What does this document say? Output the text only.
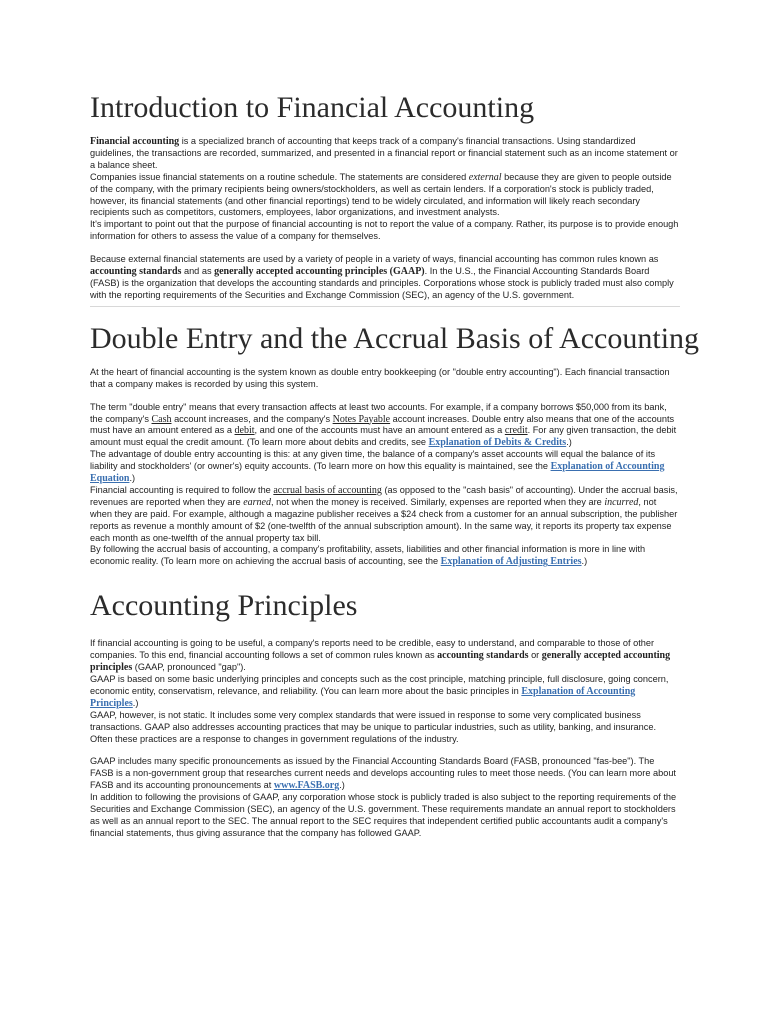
Introduction to Financial Accounting

Financial accounting is a specialized branch of accounting that keeps track of a company's financial transactions. Using standardized guidelines, the transactions are recorded, summarized, and presented in a financial report or financial statement such as an income statement or a balance sheet.

Companies issue financial statements on a routine schedule. The statements are considered external because they are given to people outside of the company, with the primary recipients being owners/stockholders, as well as certain lenders. If a corporation's stock is publicly traded, however, its financial statements (and other financial reportings) tend to be widely circulated, and information will likely reach secondary recipients such as competitors, customers, employees, labor organizations, and investment analysts.

It's important to point out that the purpose of financial accounting is not to report the value of a company. Rather, its purpose is to provide enough information for others to assess the value of a company for themselves.

Because external financial statements are used by a variety of people in a variety of ways, financial accounting has common rules known as accounting standards and as generally accepted accounting principles (GAAP). In the U.S., the Financial Accounting Standards Board (FASB) is the organization that develops the accounting standards and principles. Corporations whose stock is publicly traded must also comply with the reporting requirements of the Securities and Exchange Commission (SEC), an agency of the U.S. government.

Double Entry and the Accrual Basis of Accounting

At the heart of financial accounting is the system known as double entry bookkeeping (or "double entry accounting"). Each financial transaction that a company makes is recorded by using this system.

The term "double entry" means that every transaction affects at least two accounts. For example, if a company borrows $50,000 from its bank, the company's Cash account increases, and the company's Notes Payable account increases. Double entry also means that one of the accounts must have an amount entered as a debit, and one of the accounts must have an amount entered as a credit. For any given transaction, the debit amount must equal the credit amount. (To learn more about debits and credits, see Explanation of Debits & Credits.)

The advantage of double entry accounting is this: at any given time, the balance of a company's asset accounts will equal the balance of its liability and stockholders' (or owner's) equity accounts. (To learn more on how this equality is maintained, see the Explanation of Accounting Equation.)

Financial accounting is required to follow the accrual basis of accounting (as opposed to the "cash basis" of accounting). Under the accrual basis, revenues are reported when they are earned, not when the money is received. Similarly, expenses are reported when they are incurred, not when they are paid. For example, although a magazine publisher receives a $24 check from a customer for an annual subscription, the publisher reports as revenue a monthly amount of $2 (one-twelfth of the annual subscription amount). In the same way, it reports its property tax expense each month as one-twelfth of the annual property tax bill.

By following the accrual basis of accounting, a company's profitability, assets, liabilities and other financial information is more in line with economic reality. (To learn more on achieving the accrual basis of accounting, see the Explanation of Adjusting Entries.)

Accounting Principles

If financial accounting is going to be useful, a company's reports need to be credible, easy to understand, and comparable to those of other companies. To this end, financial accounting follows a set of common rules known as accounting standards or generally accepted accounting principles (GAAP, pronounced "gap").

GAAP is based on some basic underlying principles and concepts such as the cost principle, matching principle, full disclosure, going concern, economic entity, conservatism, relevance, and reliability. (You can learn more about the basic principles in Explanation of Accounting Principles.)

GAAP, however, is not static. It includes some very complex standards that were issued in response to some very complicated business transactions. GAAP also addresses accounting practices that may be unique to particular industries, such as utility, banking, and insurance. Often these practices are a response to changes in government regulations of the industry.

GAAP includes many specific pronouncements as issued by the Financial Accounting Standards Board (FASB, pronounced "fas-bee"). The FASB is a non-government group that researches current needs and develops accounting rules to meet those needs. (You can learn more about FASB and its accounting pronouncements at www.FASB.org.)

In addition to following the provisions of GAAP, any corporation whose stock is publicly traded is also subject to the reporting requirements of the Securities and Exchange Commission (SEC), an agency of the U.S. government. These requirements mandate an annual report to stockholders as well as an annual report to the SEC. The annual report to the SEC requires that independent certified public accountants audit a company's financial statements, thus giving assurance that the company has followed GAAP.
